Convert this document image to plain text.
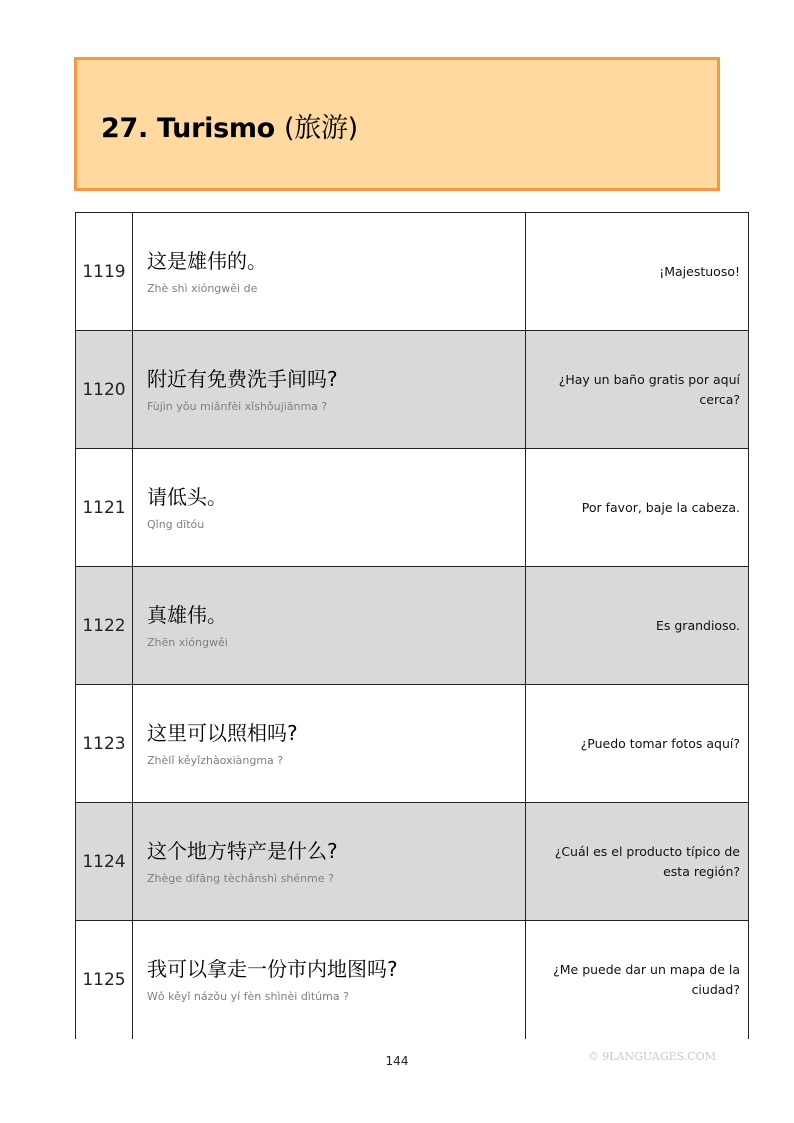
27. Turismo (旅游)
1119	这是雄伟的。
Zhè shì xióngwěi de	¡Majestuoso!
1120	附近有免费洗手间吗?
Fùjìn yǒu miǎnfèi xǐshǒujiānma ?	¿Hay un baño gratis por aquí cerca?
1121	请低头。
Qǐng dītóu	Por favor, baje la cabeza.
1122	真雄伟。
Zhēn xióngwěi	Es grandioso.
1123	这里可以照相吗?
Zhèlǐ kěyǐzhàoxiàngma ?	¿Puedo tomar fotos aquí?
1124	这个地方特产是什么?
Zhège dìfāng tèchǎnshì shénme ?	¿Cuál es el producto típico de esta región?
1125	我可以拿走一份市内地图吗?
Wǒ kěyǐ názǒu yí fèn shìnèi dìtúma ?	¿Me puede dar un mapa de la ciudad?
144	© 9LANGUAGES.COM
